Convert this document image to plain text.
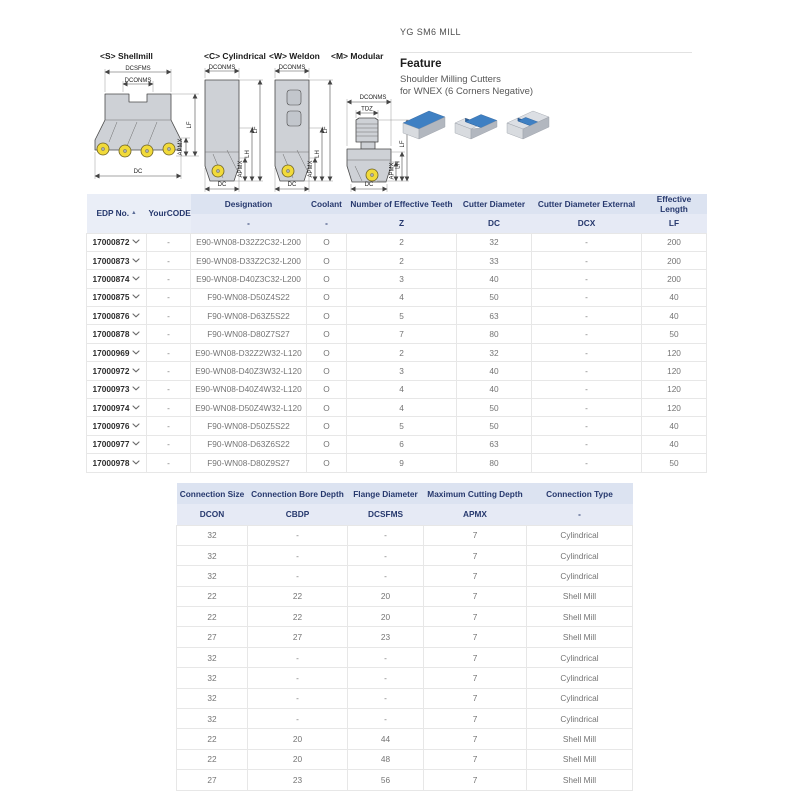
<S> Shellmill	<C> Cylindrical <W> Weldon <M> Modular
DCSFMS
DCONMS
APMX
LF
DC
DCONMS
APMX
LH
LF
DC
DCONMS
APMX
LH
LF
DC
DCONMS
TDZ
APMX LH
LF
DC
YG SM6 MILL
Feature
Shoulder Milling Cutters
for WNEX (6 Corners Negative)
EDP No. ▲	YourCODE	Designation	Coolant	Number of Effective Teeth	Cutter Diameter	Cutter Diameter External	Effective Length
		-	-	Z	DC	DCX	LF
17000872	-	E90-WN08-D32Z2C32-L200	O	2	32	-	200
17000873	-	E90-WN08-D33Z2C32-L200	O	2	33	-	200
17000874	-	E90-WN08-D40Z3C32-L200	O	3	40	-	200
17000875	-	F90-WN08-D50Z4S22	O	4	50	-	40
17000876	-	F90-WN08-D63Z5S22	O	5	63	-	40
17000878	-	F90-WN08-D80Z7S27	O	7	80	-	50
17000969	-	E90-WN08-D32Z2W32-L120	O	2	32	-	120
17000972	-	E90-WN08-D40Z3W32-L120	O	3	40	-	120
17000973	-	E90-WN08-D40Z4W32-L120	O	4	40	-	120
17000974	-	E90-WN08-D50Z4W32-L120	O	4	50	-	120
17000976	-	F90-WN08-D50Z5S22	O	5	50	-	40
17000977	-	F90-WN08-D63Z6S22	O	6	63	-	40
17000978	-	F90-WN08-D80Z9S27	O	9	80	-	50
Connection Size	Connection Bore Depth	Flange Diameter	Maximum Cutting Depth	Connection Type
DCON	CBDP	DCSFMS	APMX	-
32	-	-	7	Cylindrical
32	-	-	7	Cylindrical
32	-	-	7	Cylindrical
22	22	20	7	Shell Mill
22	22	20	7	Shell Mill
27	27	23	7	Shell Mill
32	-	-	7	Cylindrical
32	-	-	7	Cylindrical
32	-	-	7	Cylindrical
32	-	-	7	Cylindrical
22	20	44	7	Shell Mill
22	20	48	7	Shell Mill
27	23	56	7	Shell Mill
